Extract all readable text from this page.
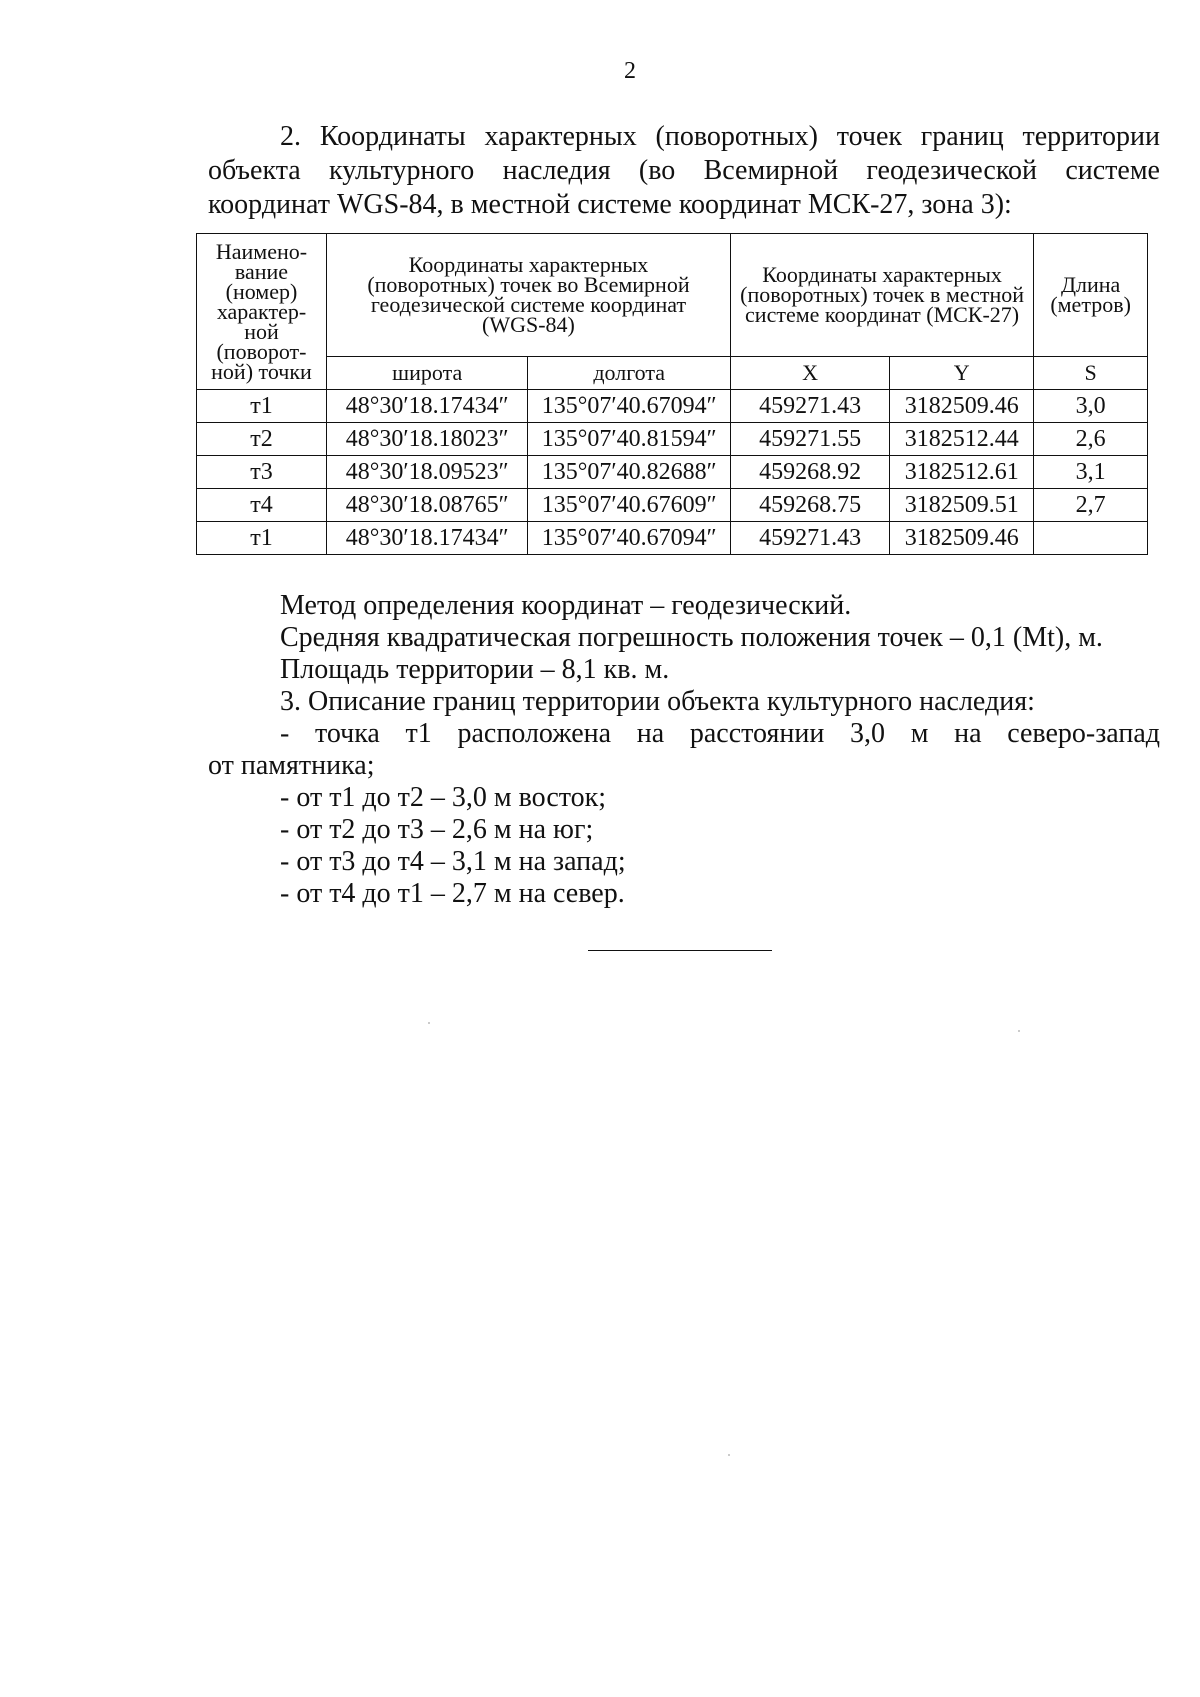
2
2. Координаты характерных (поворотных) точек границ территории объекта культурного наследия (во Всемирной геодезической системе координат WGS-84, в местной системе координат МСК-27, зона 3):
Наимено-вание (номер) характер-ной (поворот-ной) точки	Координаты характерных (поворотных) точек во Всемирной геодезической системе координат (WGS-84)		Координаты характерных (поворотных) точек в местной системе координат (МСК-27)		Длина (метров)

	широта	долгота	X	Y	S
т1	48°30′18.17434″	135°07′40.67094″	459271.43	3182509.46	3,0
т2	48°30′18.18023″	135°07′40.81594″	459271.55	3182512.44	2,6
т3	48°30′18.09523″	135°07′40.82688″	459268.92	3182512.61	3,1
т4	48°30′18.08765″	135°07′40.67609″	459268.75	3182509.51	2,7
т1	48°30′18.17434″	135°07′40.67094″	459271.43	3182509.46	

Метод определения координат – геодезический.

Средняя квадратическая погрешность положения точек – 0,1 (Mt), м.

Площадь территории – 8,1 кв. м.

3. Описание границ территории объекта культурного наследия:

- точка т1 расположена на расстоянии 3,0 м на северо-запад

от памятника;

- от т1 до т2 – 3,0 м восток;

- от т2 до т3 – 2,6 м на юг;

- от т3 до т4 – 3,1 м на запад;

- от т4 до т1 – 2,7 м на север.
